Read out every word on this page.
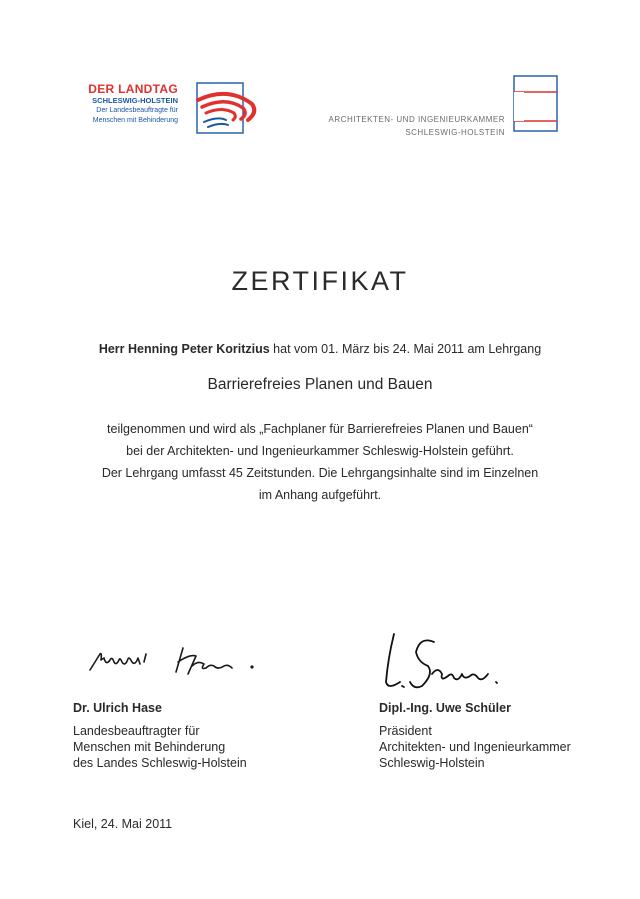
DER LANDTAG
SCHLESWIG-HOLSTEIN
Der Landesbeauftragte für
Menschen mit Behinderung	ARCHITEKTEN- UND INGENIEURKAMMER
SCHLESWIG-HOLSTEIN
ZERTIFIKAT
Herr Henning Peter Koritzius hat vom 01. März bis 24. Mai 2011 am Lehrgang
Barrierefreies Planen und Bauen
teilgenommen und wird als „Fachplaner für Barrierefreies Planen und Bauen“
bei der Architekten- und Ingenieurkammer Schleswig-Holstein geführt.
Der Lehrgang umfasst 45 Zeitstunden. Die Lehrgangsinhalte sind im Einzelnen
im Anhang aufgeführt.
Dr. Ulrich Hase
Landesbeauftragter für
Menschen mit Behinderung
des Landes Schleswig-Holstein
Dipl.-Ing. Uwe Schüler
Präsident
Architekten- und Ingenieurkammer
Schleswig-Holstein
Kiel, 24. Mai 2011
